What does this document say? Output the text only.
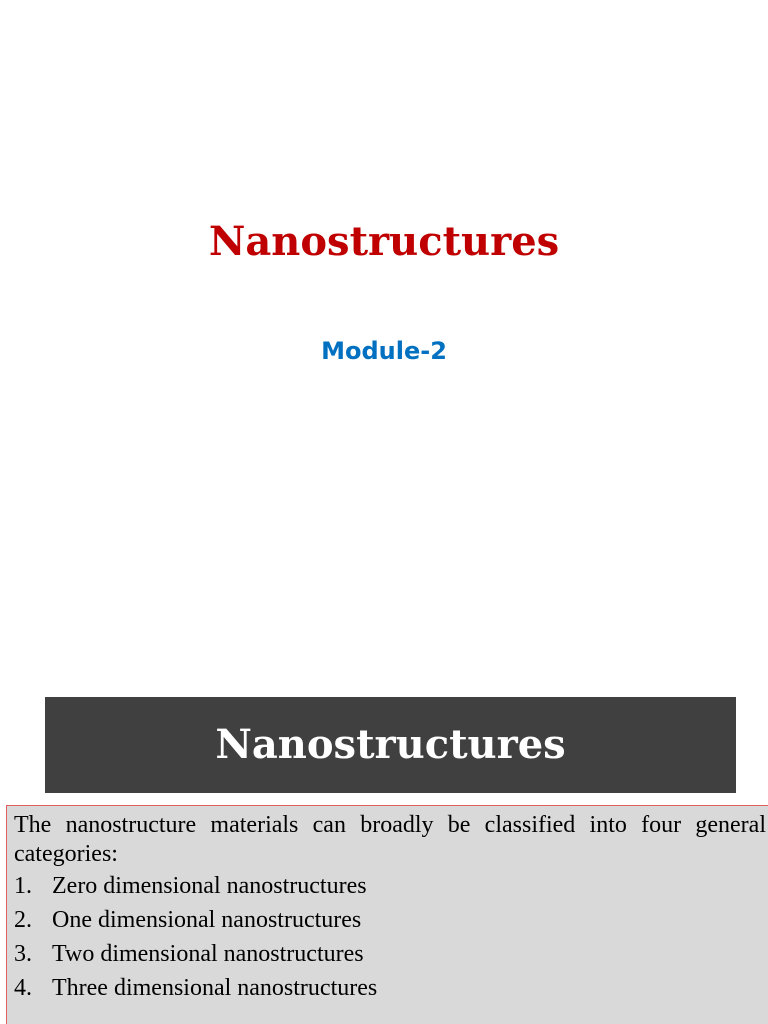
Nanostructures
Module-2
Nanostructures
The nanostructure materials can broadly be classified into four general categories:
1. Zero dimensional nanostructures
2. One dimensional nanostructures
3. Two dimensional nanostructures
4. Three dimensional nanostructures
